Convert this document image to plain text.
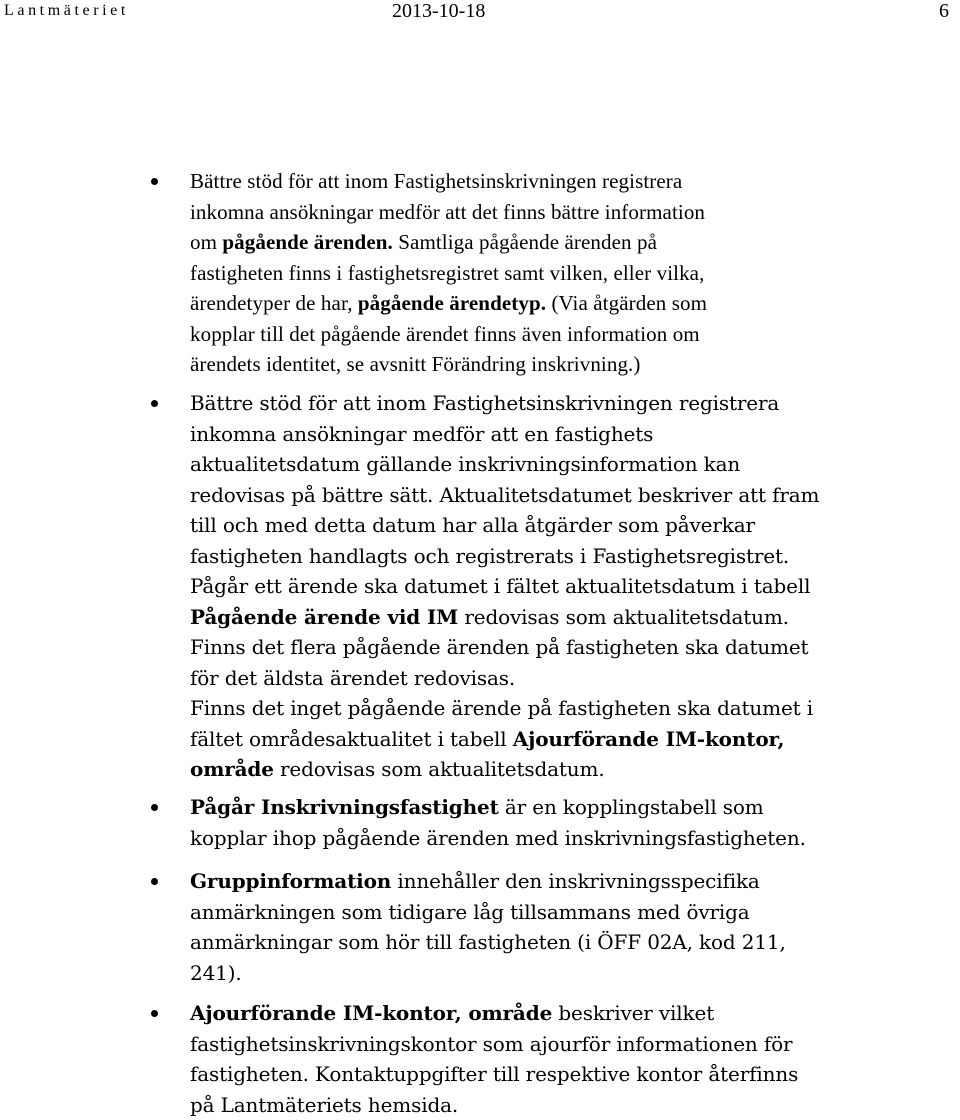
Lantmäteriet	2013-10-18	6
Bättre stöd för att inom Fastighetsinskrivningen registrera
inkomna ansökningar medför att det finns bättre information
om pågående ärenden. Samtliga pågående ärenden på
fastigheten finns i fastighetsregistret samt vilken, eller vilka,
ärendetyper de har, pågående ärendetyp. (Via åtgärden som
kopplar till det pågående ärendet finns även information om
ärendets identitet, se avsnitt Förändring inskrivning.)
Bättre stöd för att inom Fastighetsinskrivningen registrera
inkomna ansökningar medför att en fastighets
aktualitetsdatum gällande inskrivningsinformation kan
redovisas på bättre sätt. Aktualitetsdatumet beskriver att fram
till och med detta datum har alla åtgärder som påverkar
fastigheten handlagts och registrerats i Fastighetsregistret.
Pågår ett ärende ska datumet i fältet aktualitetsdatum i tabell
Pågående ärende vid IM redovisas som aktualitetsdatum.
Finns det flera pågående ärenden på fastigheten ska datumet
för det äldsta ärendet redovisas.
Finns det inget pågående ärende på fastigheten ska datumet i
fältet områdesaktualitet i tabell Ajourförande IM-kontor,
område redovisas som aktualitetsdatum.
Pågår Inskrivningsfastighet är en kopplingstabell som
kopplar ihop pågående ärenden med inskrivningsfastigheten.
Gruppinformation innehåller den inskrivningsspecifika
anmärkningen som tidigare låg tillsammans med övriga
anmärkningar som hör till fastigheten (i ÖFF 02A, kod 211,
241).
Ajourförande IM-kontor, område beskriver vilket
fastighetsinskrivningskontor som ajourför informationen för
fastigheten. Kontaktuppgifter till respektive kontor återfinns
på Lantmäteriets hemsida.
